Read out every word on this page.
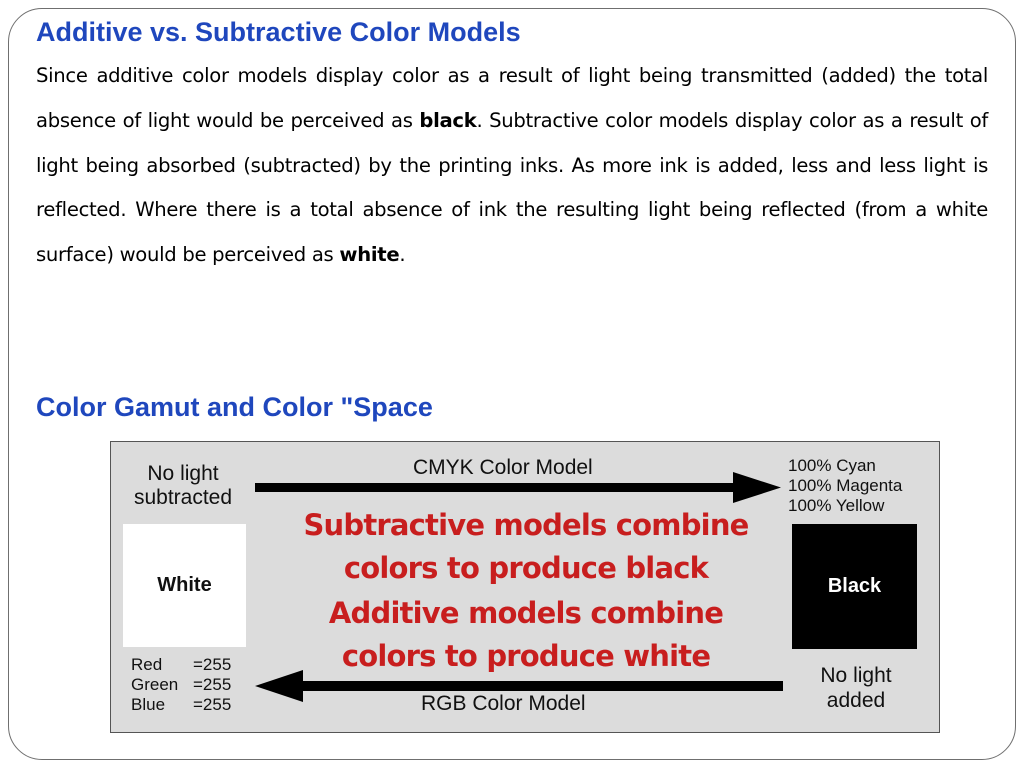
Additive vs. Subtractive Color Models

Since additive color models display color as a result of light being transmitted (added) the total absence of light would be perceived as black. Subtractive color models display color as a result of light being absorbed (subtracted) by the printing inks. As more ink is added, less and less light is reflected. Where there is a total absence of ink the resulting light being reflected (from a white surface) would be perceived as white.

Color Gamut and Color "Space
No light
subtracted
CMYK Color Model	100% Cyan
100% Magenta
100% Yellow
White	Black
Subtractive models combine
colors to produce black
Additive models combine
colors to produce white
Red	=255
Green =255
Blue	=255
No light
added
RGB Color Model
